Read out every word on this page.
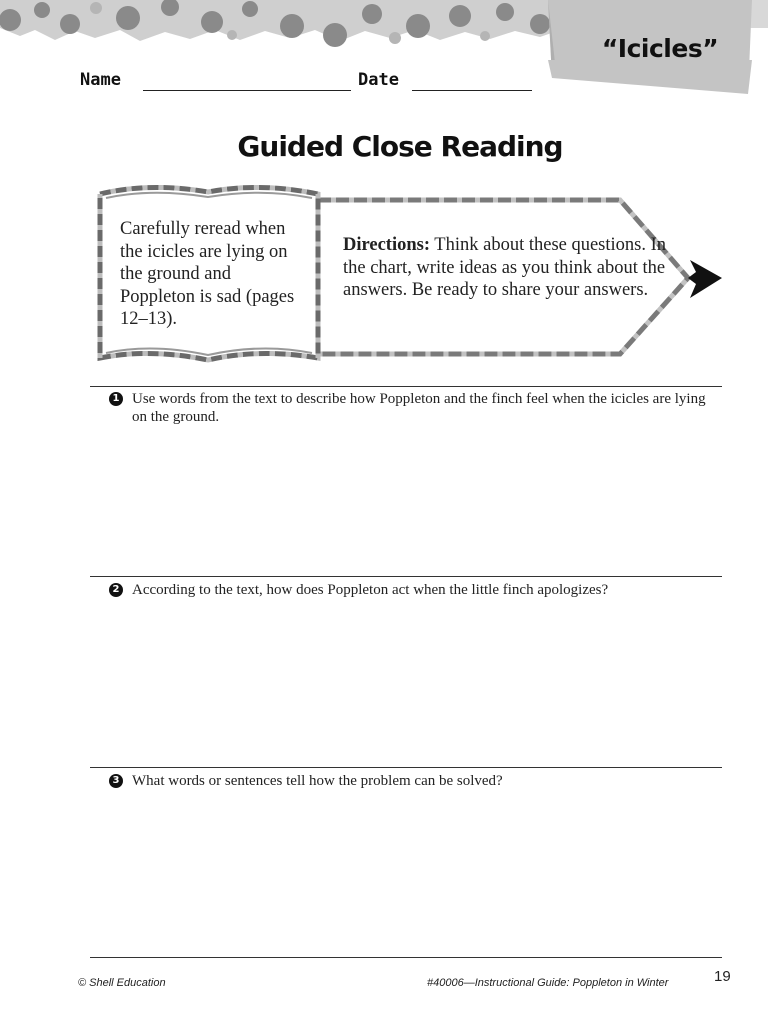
“Icicles”
Name	Date
Guided Close Reading
Carefully reread when the icicles are lying on the ground and Poppleton is sad (pages 12–13).
Directions: Think about these questions. In the chart, write ideas as you think about the answers. Be ready to share your answers.
1 Use words from the text to describe how Poppleton and the finch feel when the icicles are lying on the ground.
2 According to the text, how does Poppleton act when the little finch apologizes?
3 What words or sentences tell how the problem can be solved?
© Shell Education	#40006—Instructional Guide: Poppleton in Winter	19
